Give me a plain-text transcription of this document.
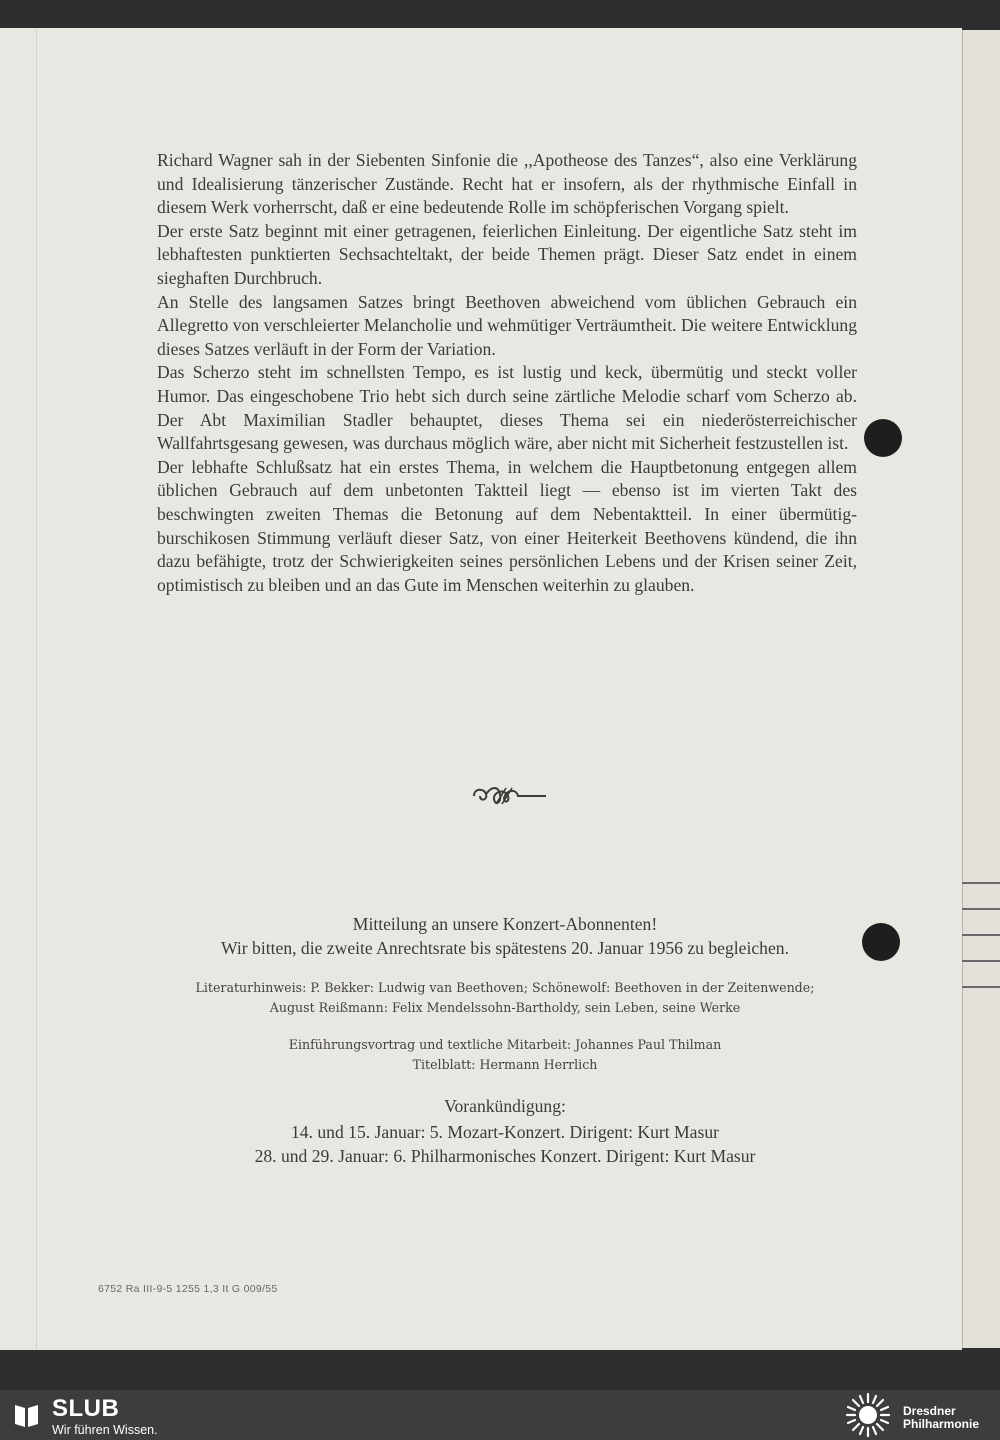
Richard Wagner sah in der Siebenten Sinfonie die ,,Apotheose des Tanzes“, also eine Verklärung und Idealisierung tänzerischer Zustände. Recht hat er insofern, als der rhythmische Einfall in diesem Werk vorherrscht, daß er eine bedeutende Rolle im schöpferischen Vorgang spielt.

Der erste Satz beginnt mit einer getragenen, feierlichen Einleitung. Der eigentliche Satz steht im lebhaftesten punktierten Sechsachteltakt, der beide Themen prägt. Dieser Satz endet in einem sieghaften Durchbruch.

An Stelle des langsamen Satzes bringt Beethoven abweichend vom üblichen Gebrauch ein Allegretto von verschleierter Melancholie und wehmütiger Verträumtheit. Die weitere Entwicklung dieses Satzes verläuft in der Form der Variation.

Das Scherzo steht im schnellsten Tempo, es ist lustig und keck, übermütig und steckt voller Humor. Das eingeschobene Trio hebt sich durch seine zärtliche Melodie scharf vom Scherzo ab. Der Abt Maximilian Stadler behauptet, dieses Thema sei ein niederösterreichischer Wallfahrtsgesang gewesen, was durchaus möglich wäre, aber nicht mit Sicherheit festzustellen ist.

Der lebhafte Schlußsatz hat ein erstes Thema, in welchem die Hauptbetonung entgegen allem üblichen Gebrauch auf dem unbetonten Taktteil liegt — ebenso ist im vierten Takt des beschwingten zweiten Themas die Betonung auf dem Nebentaktteil. In einer übermütig-burschikosen Stimmung verläuft dieser Satz, von einer Heiterkeit Beethovens kündend, die ihn dazu befähigte, trotz der Schwierigkeiten seines persönlichen Lebens und der Krisen seiner Zeit, optimistisch zu bleiben und an das Gute im Menschen weiterhin zu glauben.

Mitteilung an unsere Konzert-Abonnenten!
Wir bitten, die zweite Anrechtsrate bis spätestens 20. Januar 1956 zu begleichen.
Literaturhinweis: P. Bekker: Ludwig van Beethoven; Schönewolf: Beethoven in der Zeitenwende;
August Reißmann: Felix Mendelssohn-Bartholdy, sein Leben, seine Werke
Einführungsvortrag und textliche Mitarbeit: Johannes Paul Thilman
Titelblatt: Hermann Herrlich
Vorankündigung:
14. und 15. Januar: 5. Mozart-Konzert. Dirigent: Kurt Masur
28. und 29. Januar: 6. Philharmonisches Konzert. Dirigent: Kurt Masur
6752 Ra III-9-5 1255 1,3 It G 009/55
SLUB
Wir führen Wissen.
Dresdner
Philharmonie
